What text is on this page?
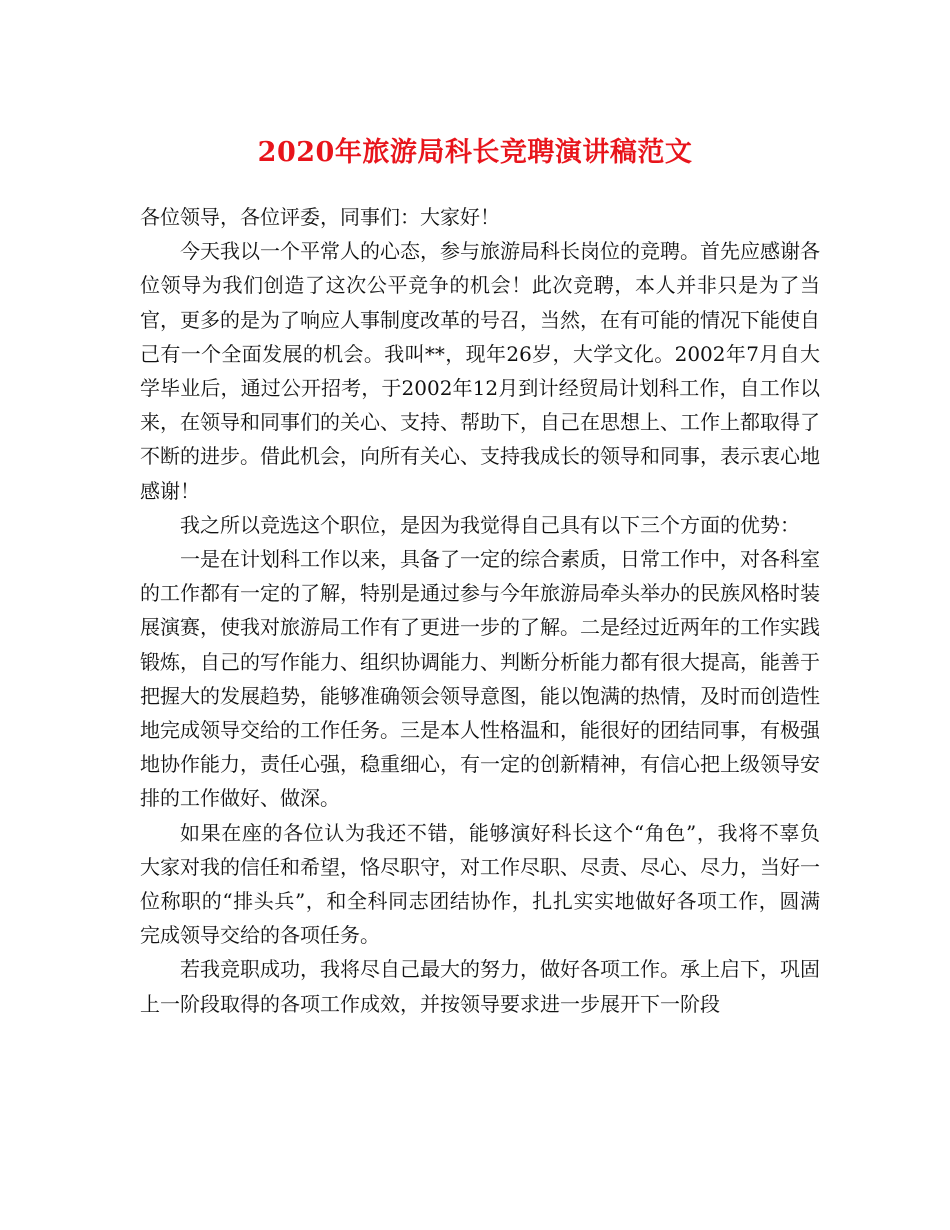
2020年旅游局科长竞聘演讲稿范文

各位领导，各位评委，同事们：大家好！

今天我以一个平常人的心态，参与旅游局科长岗位的竞聘。首先应感谢各位领导为我们创造了这次公平竞争的机会！此次竞聘，本人并非只是为了当官，更多的是为了响应人事制度改革的号召，当然，在有可能的情况下能使自己有一个全面发展的机会。我叫**，现年26岁，大学文化。2002年7月自大学毕业后，通过公开招考，于2002年12月到计经贸局计划科工作，自工作以来，在领导和同事们的关心、支持、帮助下，自己在思想上、工作上都取得了不断的进步。借此机会，向所有关心、支持我成长的领导和同事，表示衷心地感谢！

我之所以竞选这个职位，是因为我觉得自己具有以下三个方面的优势：

一是在计划科工作以来，具备了一定的综合素质，日常工作中，对各科室的工作都有一定的了解，特别是通过参与今年旅游局牵头举办的民族风格时装展演赛，使我对旅游局工作有了更进一步的了解。二是经过近两年的工作实践锻炼，自己的写作能力、组织协调能力、判断分析能力都有很大提高，能善于把握大的发展趋势，能够准确领会领导意图，能以饱满的热情，及时而创造性地完成领导交给的工作任务。三是本人性格温和，能很好的团结同事，有极强地协作能力，责任心强，稳重细心，有一定的创新精神，有信心把上级领导安排的工作做好、做深。

如果在座的各位认为我还不错，能够演好科长这个“角色”，我将不辜负大家对我的信任和希望，恪尽职守，对工作尽职、尽责、尽心、尽力，当好一位称职的“排头兵”，和全科同志团结协作，扎扎实实地做好各项工作，圆满完成领导交给的各项任务。

若我竞职成功，我将尽自己最大的努力，做好各项工作。承上启下，巩固上一阶段取得的各项工作成效，并按领导要求进一步展开下一阶段
